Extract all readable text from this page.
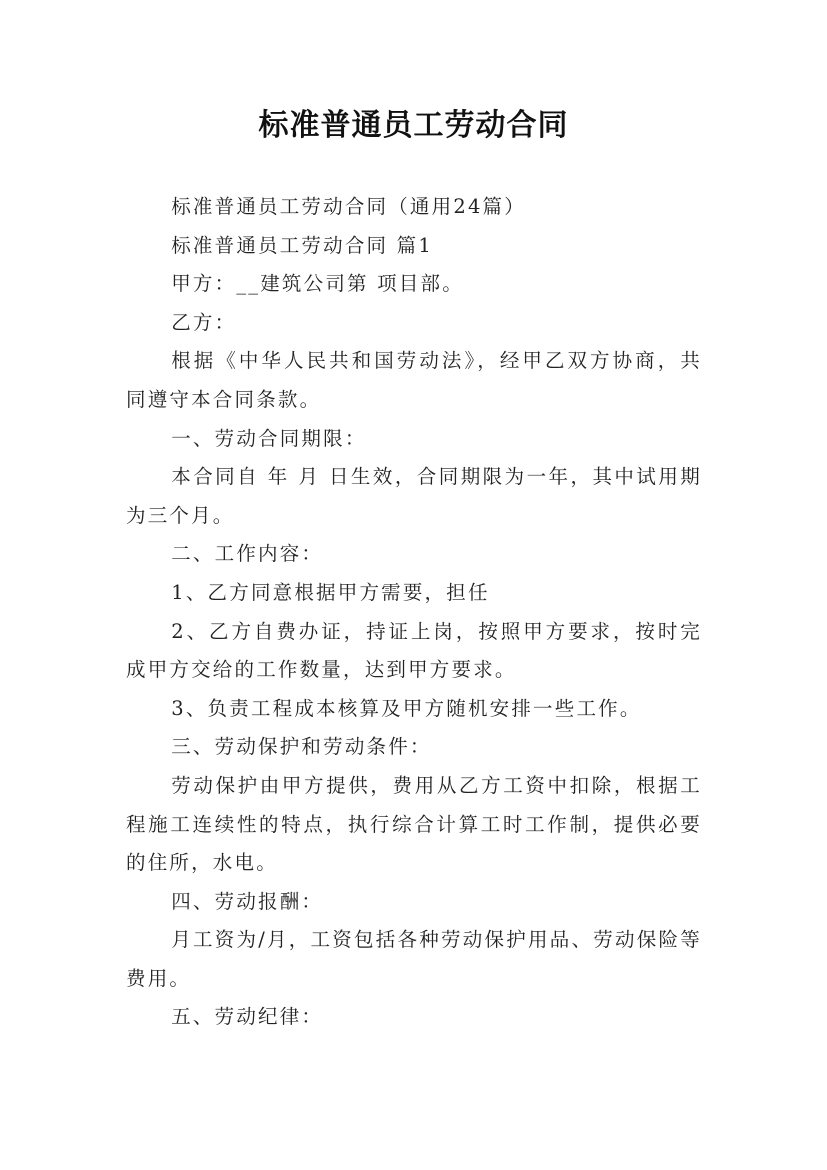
标准普通员工劳动合同

标准普通员工劳动合同（通用24篇）

标准普通员工劳动合同 篇1

甲方：__建筑公司第 项目部。

乙方：

根据《中华人民共和国劳动法》，经甲乙双方协商，共同遵守本合同条款。

一、劳动合同期限：

本合同自 年 月 日生效，合同期限为一年，其中试用期为三个月。

二、工作内容：

1、乙方同意根据甲方需要，担任

2、乙方自费办证，持证上岗，按照甲方要求，按时完成甲方交给的工作数量，达到甲方要求。

3、负责工程成本核算及甲方随机安排一些工作。

三、劳动保护和劳动条件：

劳动保护由甲方提供，费用从乙方工资中扣除，根据工程施工连续性的特点，执行综合计算工时工作制，提供必要的住所，水电。

四、劳动报酬：

月工资为/月，工资包括各种劳动保护用品、劳动保险等费用。

五、劳动纪律：
